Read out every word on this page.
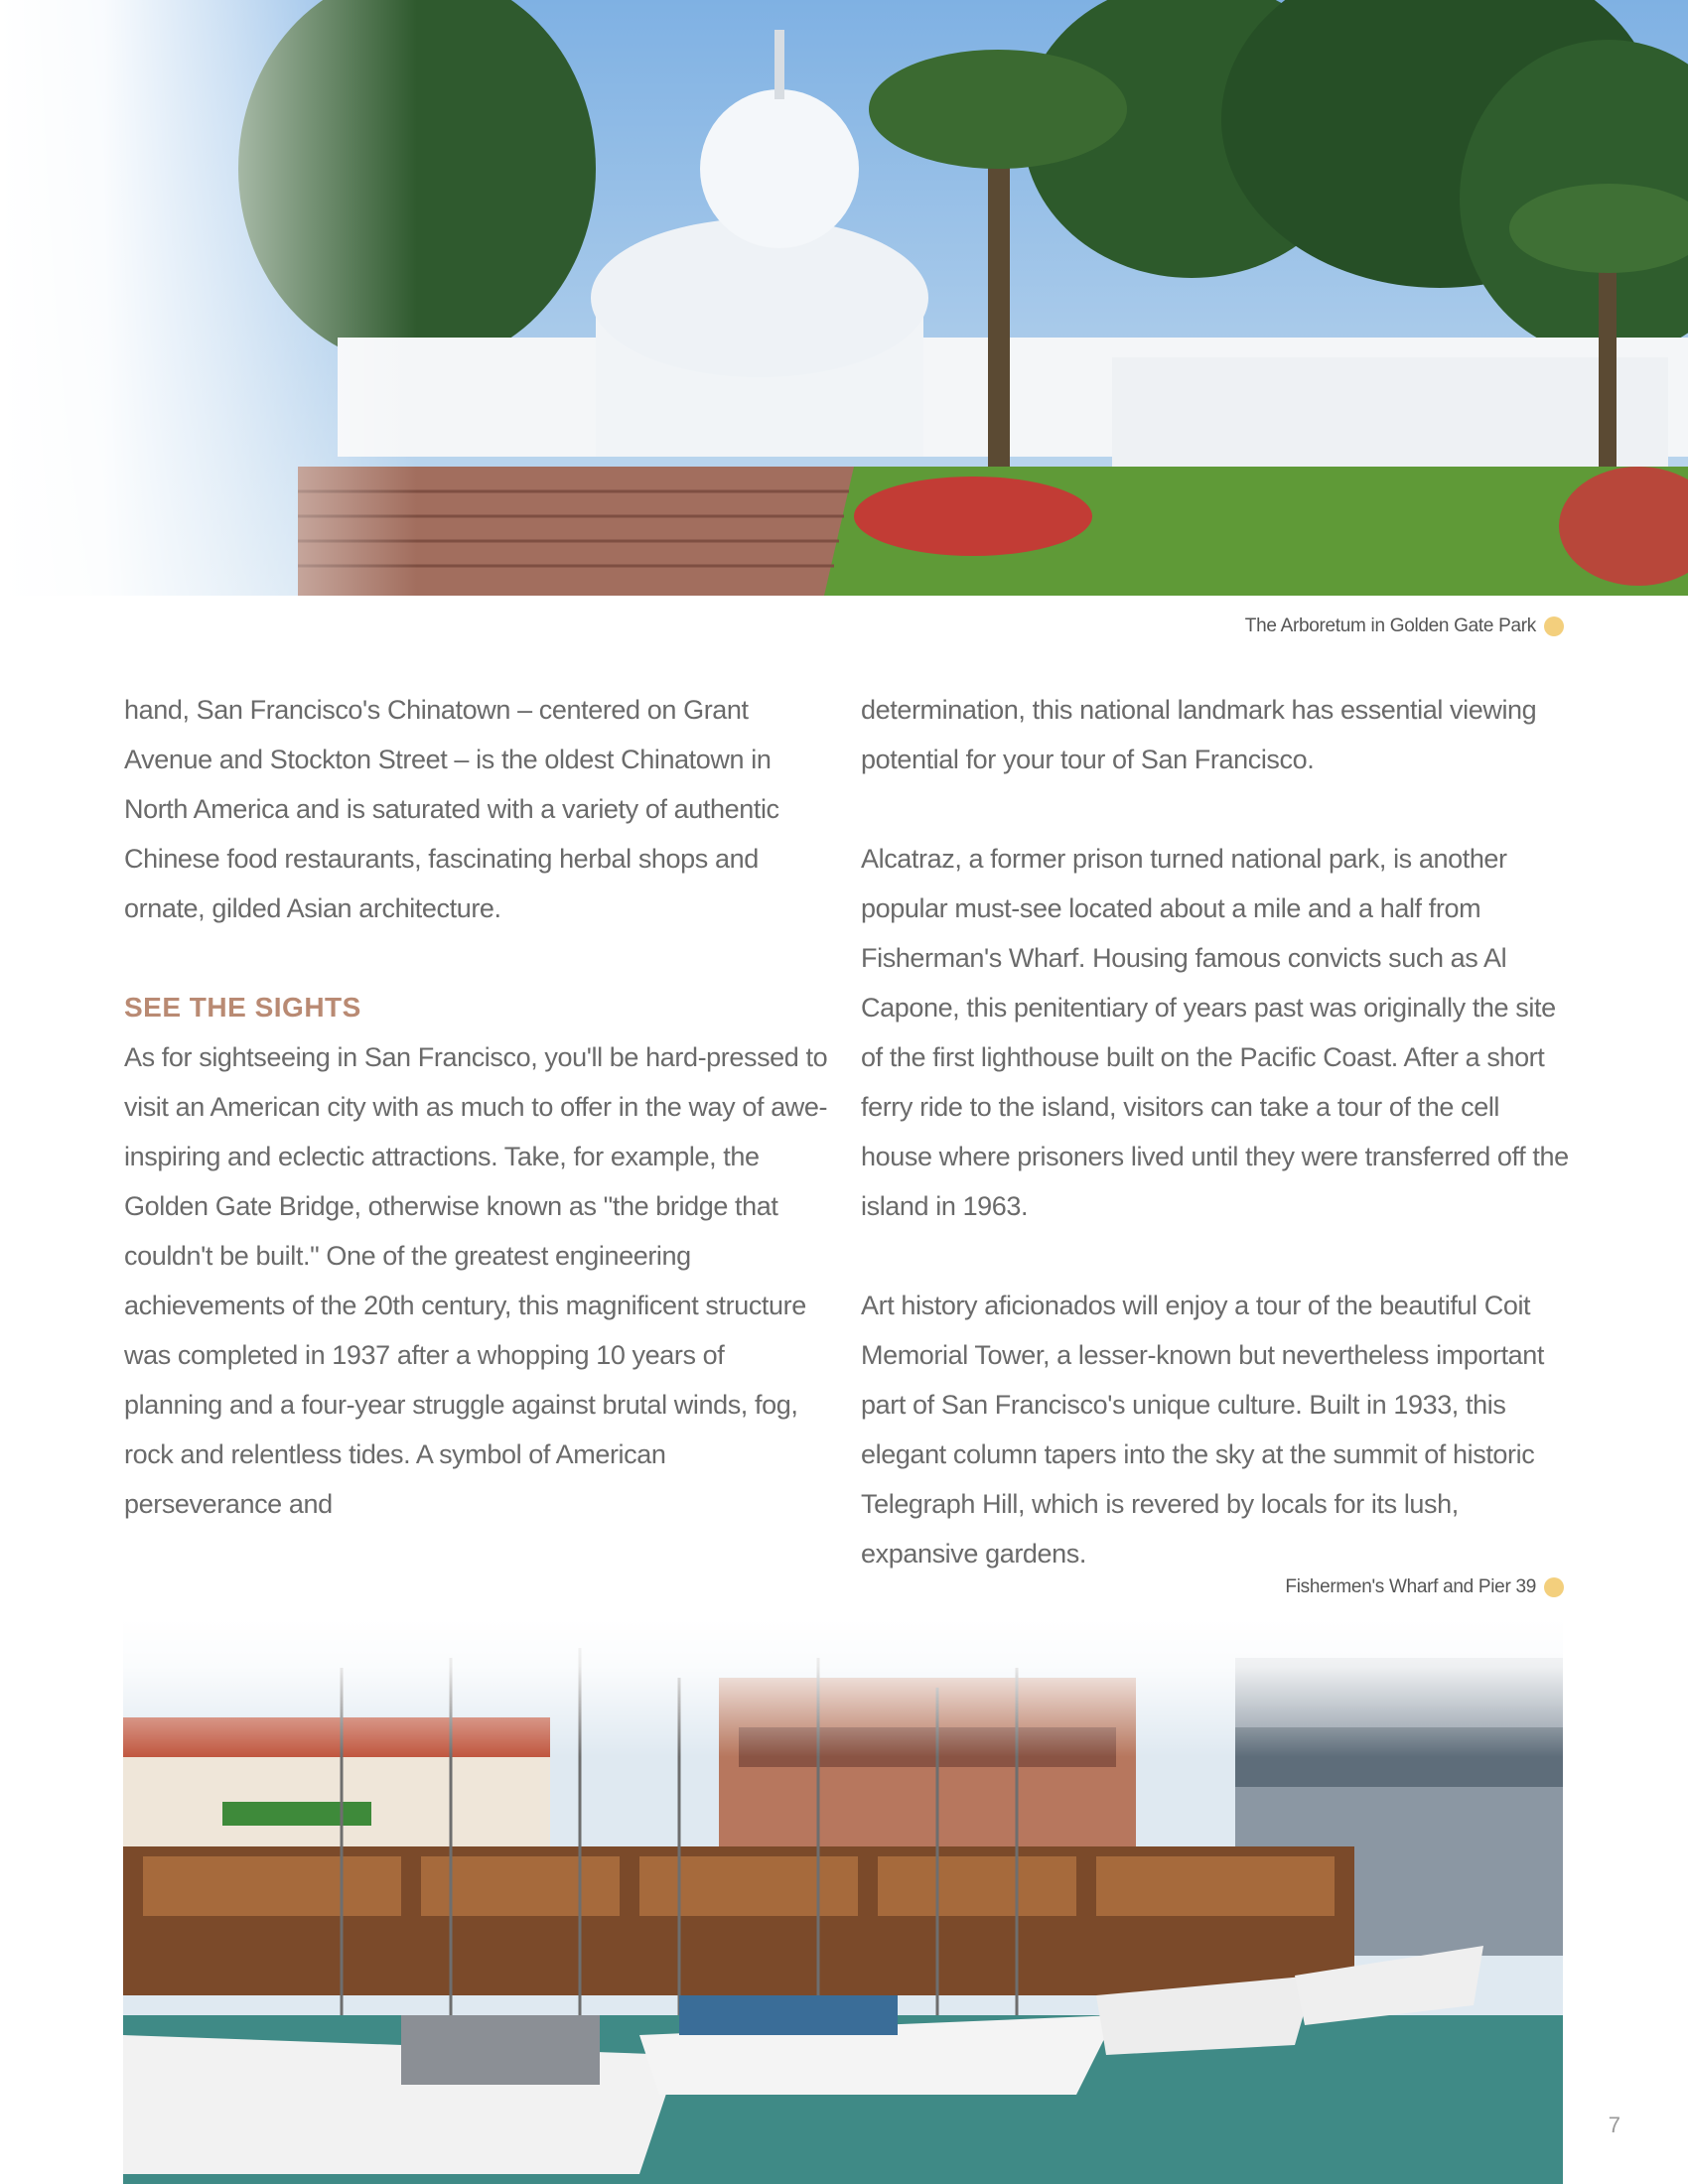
The Arboretum in Golden Gate Park

hand, San Francisco's Chinatown – centered on Grant Avenue and Stockton Street – is the oldest Chinatown in North America and is saturated with a variety of authentic Chinese food restaurants, fascinating herbal shops and ornate, gilded Asian architecture.

SEE THE SIGHTS

As for sightseeing in San Francisco, you'll be hard-pressed to visit an American city with as much to offer in the way of awe-inspiring and eclectic attractions. Take, for example, the Golden Gate Bridge, otherwise known as "the bridge that couldn't be built." One of the greatest engineering achievements of the 20th century, this magnificent structure was completed in 1937 after a whopping 10 years of planning and a four-year struggle against brutal winds, fog, rock and relentless tides. A symbol of American perseverance and

determination, this national landmark has essential viewing potential for your tour of San Francisco.

Alcatraz, a former prison turned national park, is another popular must-see located about a mile and a half from Fisherman's Wharf. Housing famous convicts such as Al Capone, this penitentiary of years past was originally the site of the first lighthouse built on the Pacific Coast. After a short ferry ride to the island, visitors can take a tour of the cell house where prisoners lived until they were transferred off the island in 1963.

Art history aficionados will enjoy a tour of the beautiful Coit Memorial Tower, a lesser-known but nevertheless important part of San Francisco's unique culture. Built in 1933, this elegant column tapers into the sky at the summit of historic Telegraph Hill, which is revered by locals for its lush, expansive gardens.

Fishermen's Wharf and Pier 39
7
